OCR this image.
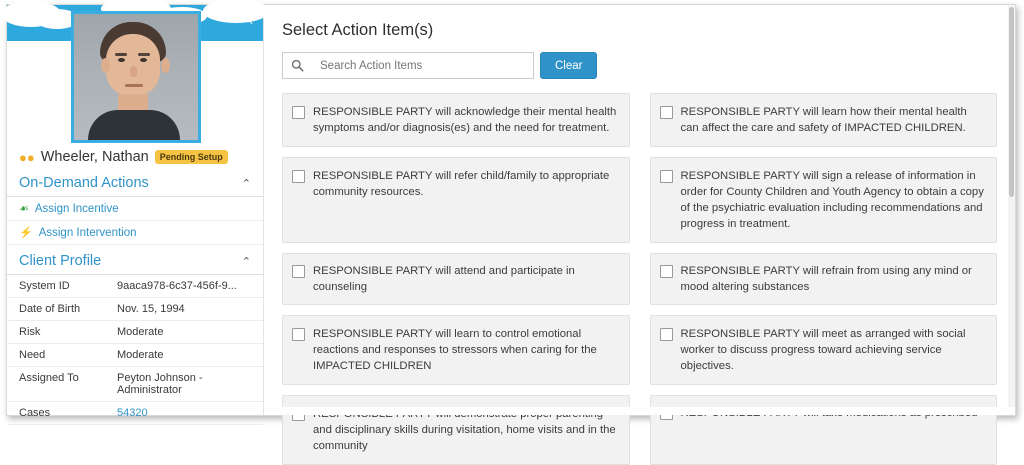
‹
●● Wheeler, Nathan	Pending Setup
On-Demand Actions	⌃
☙ Assign Incentive
⚡ Assign Intervention
Client Profile	⌃
System ID	9aaca978-6c37-456f-9...
Date of Birth	Nov. 15, 1994
Risk	Moderate
Need	Moderate
Assigned To	Peyton Johnson - Administrator
Cases	54320
Select Action Item(s)
Search Action Items
Clear
RESPONSIBLE PARTY will acknowledge their mental health symptoms and/or diagnosis(es) and the need for treatment.
RESPONSIBLE PARTY will learn how their mental health can affect the care and safety of IMPACTED CHILDREN.
RESPONSIBLE PARTY will refer child/family to appropriate community resources.
RESPONSIBLE PARTY will sign a release of information in order for County Children and Youth Agency to obtain a copy of the psychiatric evaluation including recommendations and progress in treatment.
RESPONSIBLE PARTY will attend and participate in counseling
RESPONSIBLE PARTY will refrain from using any mind or mood altering substances
RESPONSIBLE PARTY will learn to control emotional reactions and responses to stressors when caring for the IMPACTED CHILDREN
RESPONSIBLE PARTY will meet as arranged with social worker to discuss progress toward achieving service objectives.
and disciplinary skills during visitation, home visits and in the community
